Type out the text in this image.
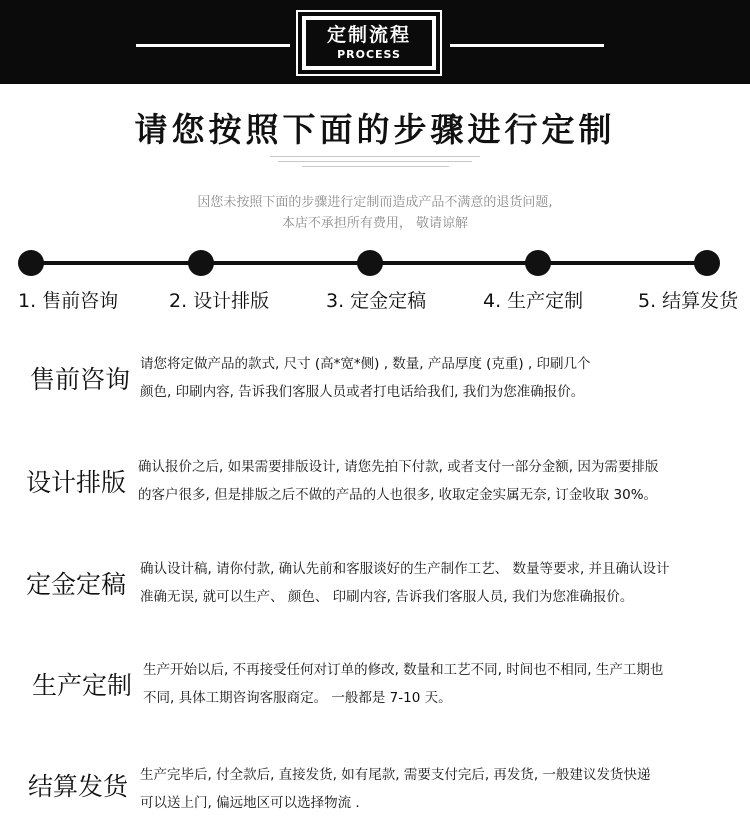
定制流程
PROCESS
请您按照下面的步骤进行定制
因您未按照下面的步骤进行定制而造成产品不满意的退货问题,
本店不承担所有费用， 敬请谅解
1. 售前咨询	2. 设计排版	3. 定金定稿	4. 生产定制	5. 结算发货
售前咨询
请您将定做产品的款式, 尺寸 (高*宽*侧) , 数量, 产品厚度 (克重) , 印刷几个
颜色, 印刷内容, 告诉我们客服人员或者打电话给我们, 我们为您准确报价。
设计排版
确认报价之后, 如果需要排版设计, 请您先拍下付款, 或者支付一部分金额, 因为需要排版
的客户很多, 但是排版之后不做的产品的人也很多, 收取定金实属无奈, 订金收取 30%。
定金定稿
确认设计稿, 请你付款, 确认先前和客服谈好的生产制作工艺、 数量等要求, 并且确认设计
准确无误, 就可以生产、 颜色、 印刷内容, 告诉我们客服人员, 我们为您准确报价。
生产定制
生产开始以后, 不再接受任何对订单的修改, 数量和工艺不同, 时间也不相同, 生产工期也
不同, 具体工期咨询客服商定。 一般都是 7-10 天。
结算发货 生产完毕后, 付全款后, 直接发货, 如有尾款, 需要支付完后, 再发货, 一般建议发货快递
可以送上门, 偏远地区可以选择物流 .
